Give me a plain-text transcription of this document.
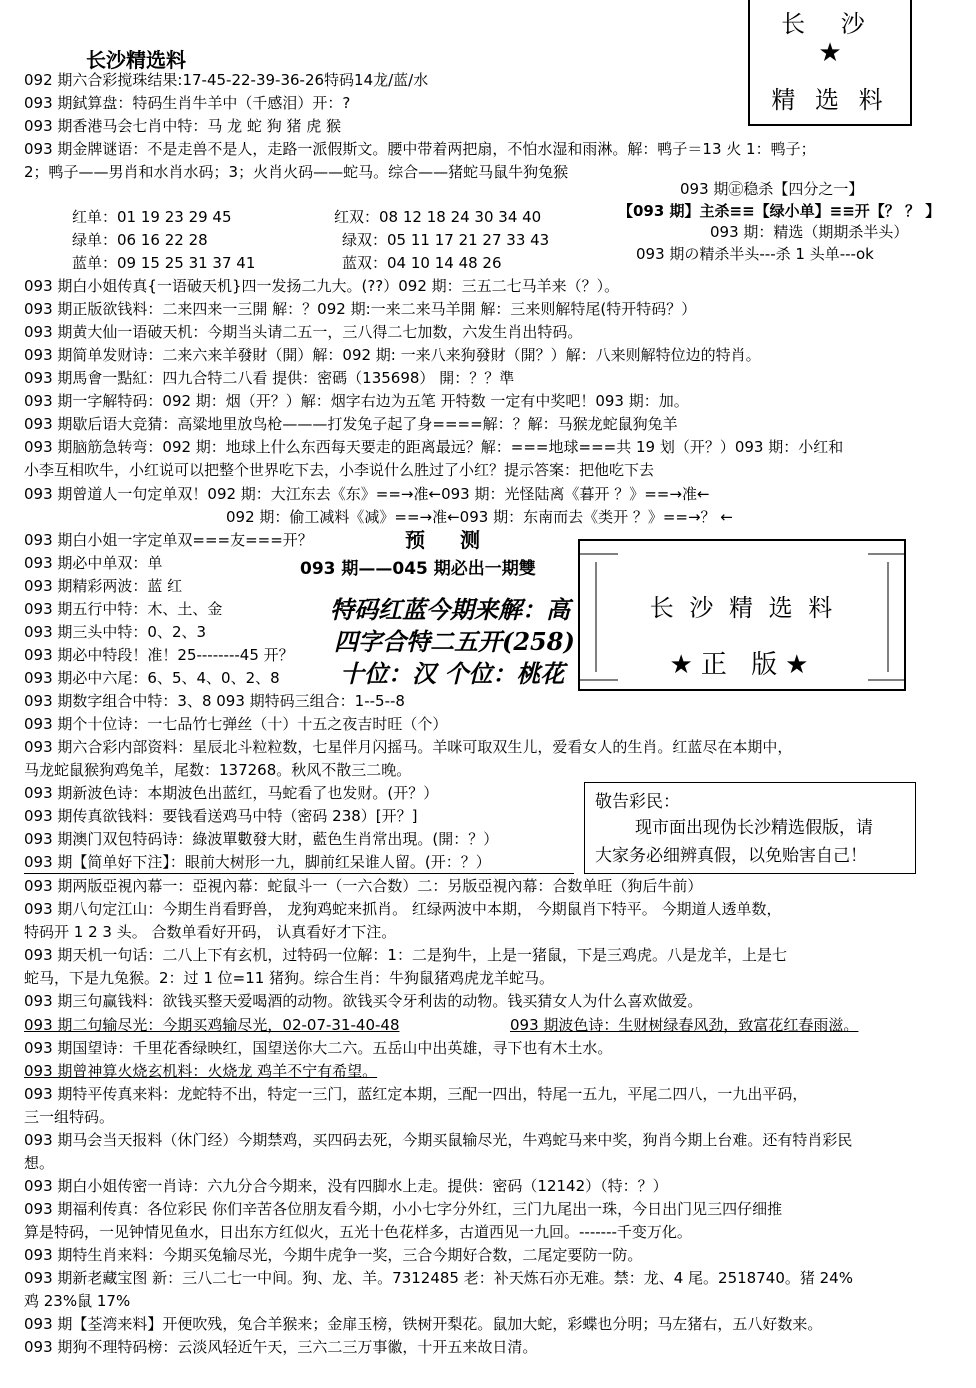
长沙精选料
长 沙
★
精 选 料
092 期六合彩搅珠结果:17-45-22-39-36-26特码14龙/蓝/水
093 期鉽算盘：特码生肖牛羊中（千感泪）开：?
093 期香港马会七肖中特：马 龙 蛇 狗 猪 虎 猴
093 期金牌谜语：不是走兽不是人，走路一派假斯文。腰中带着两把扇，不怕水湿和雨淋。解：鸭子＝13 火 1：鸭子；
2；鸭子——男肖和水肖水码；3；火肖火码——蛇马。综合——猪蛇马鼠牛狗兔猴
红单：01 19 23 29 45
绿单：06 16 22 28
蓝单：09 15 25 31 37 41
红双：08 12 18 24 30 34 40
绿双：05 11 17 21 27 33 43
蓝双：04 10 14 48 26
093 期㊣稳杀【四分之一】
【093 期】主杀≡≡【绿小单】≡≡开【？ ？ 】
093 期：精选（期期杀半头）
093 期の精杀半头---杀 1 头单---ok
093 期白小姐传真{一语破天机}四一发扬二九大。(??）092 期：三五二七马羊来（？）。
093 期正版欲钱料：二来四来一三開 解：？092 期:一来二来马羊開 解：三来则解特尾(特开特码？）
093 期黄大仙一语破天机：今期当头请二五一，三八得二七加数，六发生肖出特码。
093 期简单发财诗：二来六来羊發財（開）解：092 期: 一来八来狗發財（開？）解：八来则解特位边的特肖。
093 期馬會一點紅：四九合特二八看 提供：密碼（135698） 開：？？準
093 期一字解特码：092 期：烟（开？）解：烟字右边为五笔 开特数 一定有中奖吧！093 期：加。
093 期歇后语大竞猜：高粱地里放鸟枪———打发兔子起了身====解：？解：马猴龙蛇鼠狗兔羊
093 期脑筋急转弯：092 期：地球上什么东西每天要走的距离最远？解：===地球===共 19 划（开？）093 期：小红和
小李互相吹牛，小红说可以把整个世界吃下去，小李说什么胜过了小红？提示答案：把他吃下去
093 期曾道人一句定单双！092 期：大江东去《东》==→准←093 期：光怪陆离《暮开 ？》==→准←
092 期：偷工减料《减》==→准←093 期：东南而去《类开 ？》==→？ ←
093 期白小姐一字定单双===友===开？
093 期必中单双：单
093 期精彩两波：蓝 红
093 期五行中特：木、土、金
093 期三头中特：0、2、3
093 期必中特段！准！25--------45 开？
093 期必中六尾：6、5、4、0、2、8
093 期数字组合中特：3、8 093 期特码三组合：1--5--8
093 期个十位诗：一七品竹七弹丝（十）十五之夜吉时旺（个）
093 期六合彩内部资料：星辰北斗粒粒数，七星伴月闪摇马。羊咪可取双生儿，爱看女人的生肖。红蓝尽在本期中，
马龙蛇鼠猴狗鸡兔羊，尾数：137268。秋风不散三二晚。
093 期新波色诗：本期波色出蓝红，马蛇看了也发财。(开？）
093 期传真欲钱料：要钱看送鸡马中特（密码 238）[开？]
093 期澳门双包特码诗：綠波單數發大財，藍色生肖常出現。(開：？）
093 期【简单好下注】：眼前大树形一九，脚前红呆谁人留。(开：？）
预 测
093 期——045 期必出一期雙
特码红蓝今期来解：高
四字合特二五开(258)
十位：汉 个位：桃花
长 沙 精 选 料
★正 版★
敬告彩民：
现市面出现伪长沙精选假版，请
大家务必细辨真假，以免贻害自己！
093 期两版亞視內幕一：亞視內幕：蛇鼠斗一（一六合数）二：另版亞視內幕：合数单旺（狗后牛前）
093 期八句定江山：今期生肖看野兽， 龙狗鸡蛇来抓肖。 红绿两波中本期， 今期鼠肖下特平。 今期道人透单数，
特码开 1 2 3 头。 合数单看好开码， 认真看好才下注。
093 期天机一句话：二八上下有玄机，过特码一位解：1：二是狗牛，上是一猪鼠，下是三鸡虎。八是龙羊，上是七
蛇马，下是九兔猴。2：过 1 位=11 猪狗。综合生肖：牛狗鼠猪鸡虎龙羊蛇马。
093 期三句赢钱料：欲钱买整天爱喝酒的动物。欲钱买令牙利齿的动物。钱买猜女人为什么喜欢做爱。
093 期二句输尽光：今期买鸡输尽光，02-07-31-40-48	093 期波色诗：生财树绿春风劲，致富花红春雨滋。
093 期国望诗：千里花香绿映红，国望送你大二六。五岳山中出英雄，寻下也有木土水。
093 期曾神算火烧玄机料：火烧龙 鸡羊不宁有希望。
093 期特平传真来料：龙蛇特不出，特定一三门，蓝红定本期，三配一四出，特尾一五九，平尾二四八，一九出平码，
三一组特码。
093 期马会当天报料（休门经）今期禁鸡，买四码去死，今期买鼠输尽光，牛鸡蛇马来中奖，狗肖今期上台难。还有特肖彩民
想。
093 期白小姐传密一肖诗：六九分合今期来，没有四脚水上走。提供：密码（12142）（特：？）
093 期福利传真：各位彩民 你们辛苦各位朋友看今期，小小七字分外红，三门九尾出一珠，今日出门见三四仔细推
算是特码，一见钟情见鱼水，日出东方红似火，五光十色花样多，古道西见一九回。-------千变万化。
093 期特生肖来料：今期买兔输尽光，今期牛虎争一奖，三合今期好合数，二尾定要防一防。
093 期新老藏宝图 新：三八二七一中间。狗、龙、羊。7312485 老：补天炼石亦无难。禁：龙、4 尾。2518740。猪 24%
鸡 23%鼠 17%
093 期【荃湾来料】开便吹残，兔合羊猴来；金扉玉榜，铁树开梨花。鼠加大蛇，彩蝶也分明；马左猪右，五八好数来。
093 期狗不理特码榜：云淡风轻近午天，三六二三万事徽，十开五来故日清。
